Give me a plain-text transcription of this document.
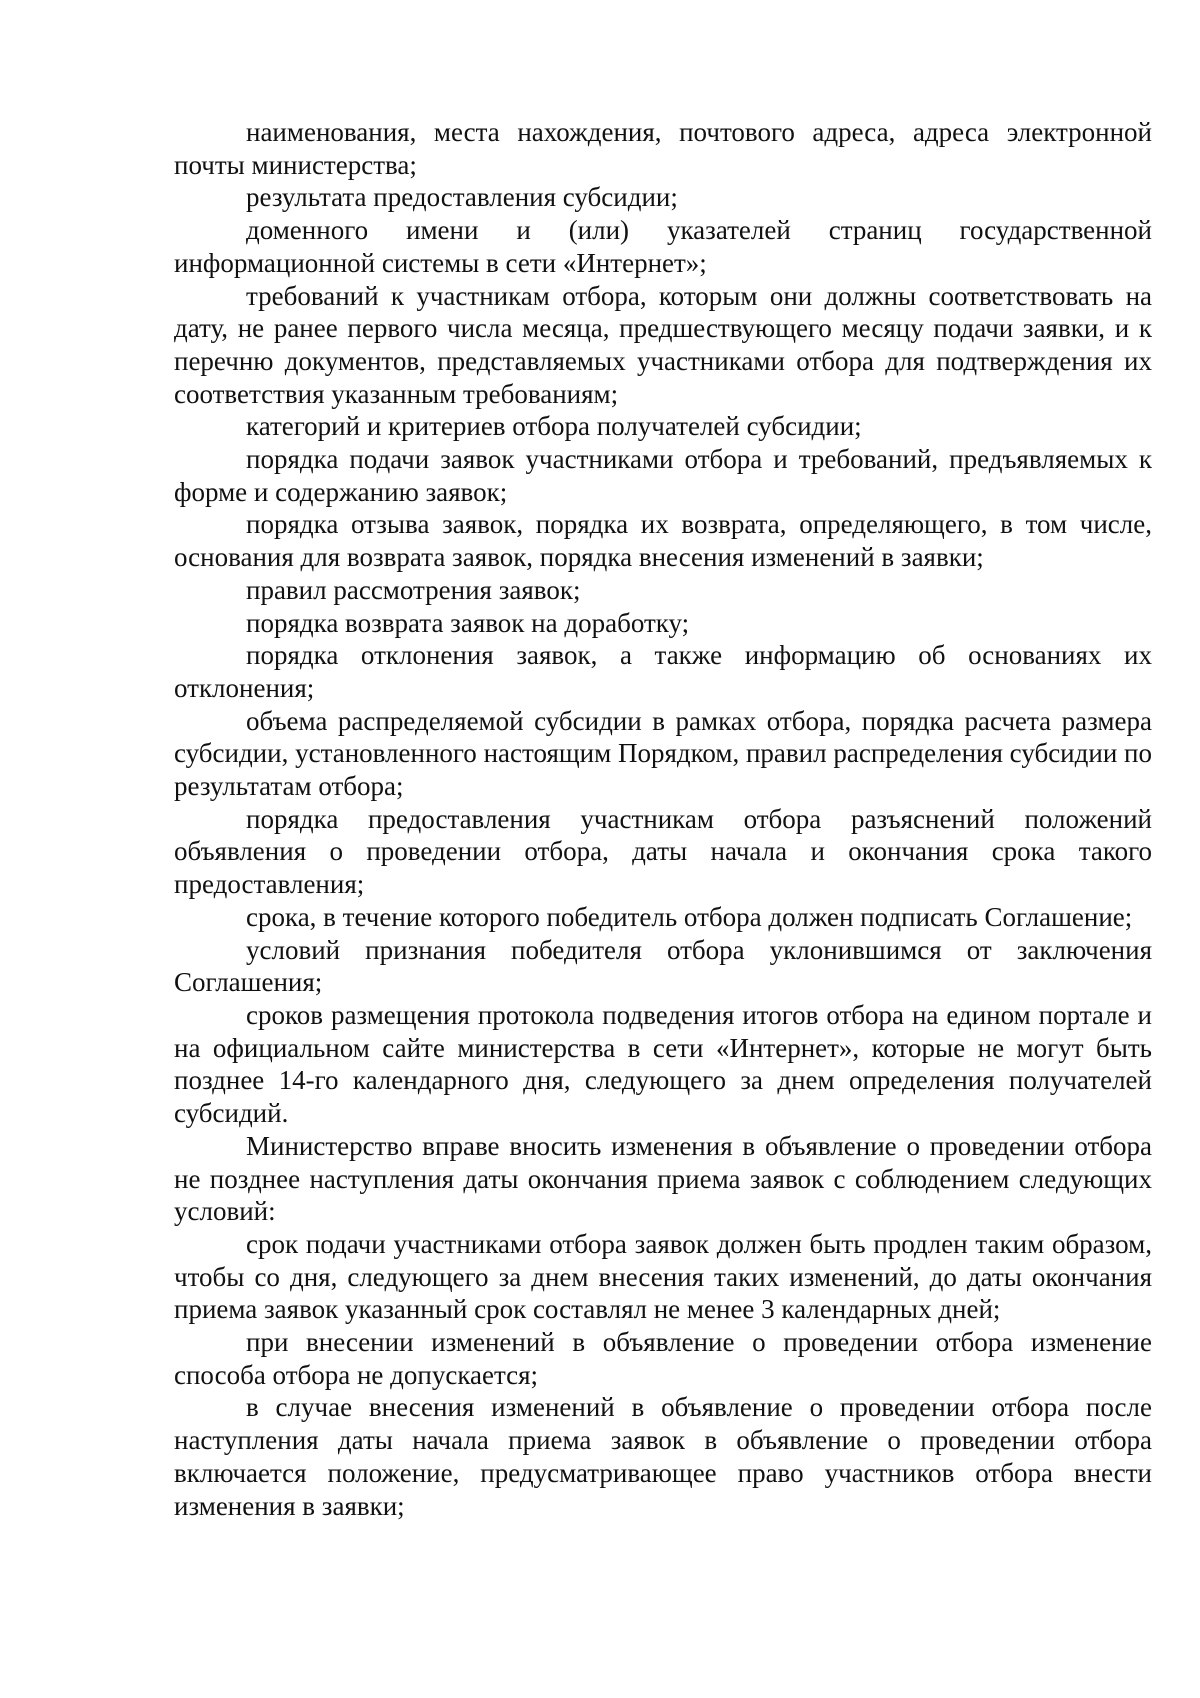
наименования, места нахождения, почтового адреса, адреса электронной почты министерства;

результата предоставления субсидии;

доменного имени и (или) указателей страниц государственной информационной системы в сети «Интернет»;

требований к участникам отбора, которым они должны соответствовать на дату, не ранее первого числа месяца, предшествующего месяцу подачи заявки, и к перечню документов, представляемых участниками отбора для подтверждения их соответствия указанным требованиям;

категорий и критериев отбора получателей субсидии;

порядка подачи заявок участниками отбора и требований, предъявляемых к форме и содержанию заявок;

порядка отзыва заявок, порядка их возврата, определяющего, в том числе, основания для возврата заявок, порядка внесения изменений в заявки;

правил рассмотрения заявок;

порядка возврата заявок на доработку;

порядка отклонения заявок, а также информацию об основаниях их отклонения;

объема распределяемой субсидии в рамках отбора, порядка расчета размера субсидии, установленного настоящим Порядком, правил распределения субсидии по результатам отбора;

порядка предоставления участникам отбора разъяснений положений объявления о проведении отбора, даты начала и окончания срока такого предоставления;

срока, в течение которого победитель отбора должен подписать Соглашение;

условий признания победителя отбора уклонившимся от заключения Соглашения;

сроков размещения протокола подведения итогов отбора на едином портале и на официальном сайте министерства в сети «Интернет», которые не могут быть позднее 14-го календарного дня, следующего за днем определения получателей субсидий.

Министерство вправе вносить изменения в объявление о проведении отбора не позднее наступления даты окончания приема заявок с соблюдением следующих условий:

срок подачи участниками отбора заявок должен быть продлен таким образом, чтобы со дня, следующего за днем внесения таких изменений, до даты окончания приема заявок указанный срок составлял не менее 3 календарных дней;

при внесении изменений в объявление о проведении отбора изменение способа отбора не допускается;

в случае внесения изменений в объявление о проведении отбора после наступления даты начала приема заявок в объявление о проведении отбора включается положение, предусматривающее право участников отбора внести изменения в заявки;
